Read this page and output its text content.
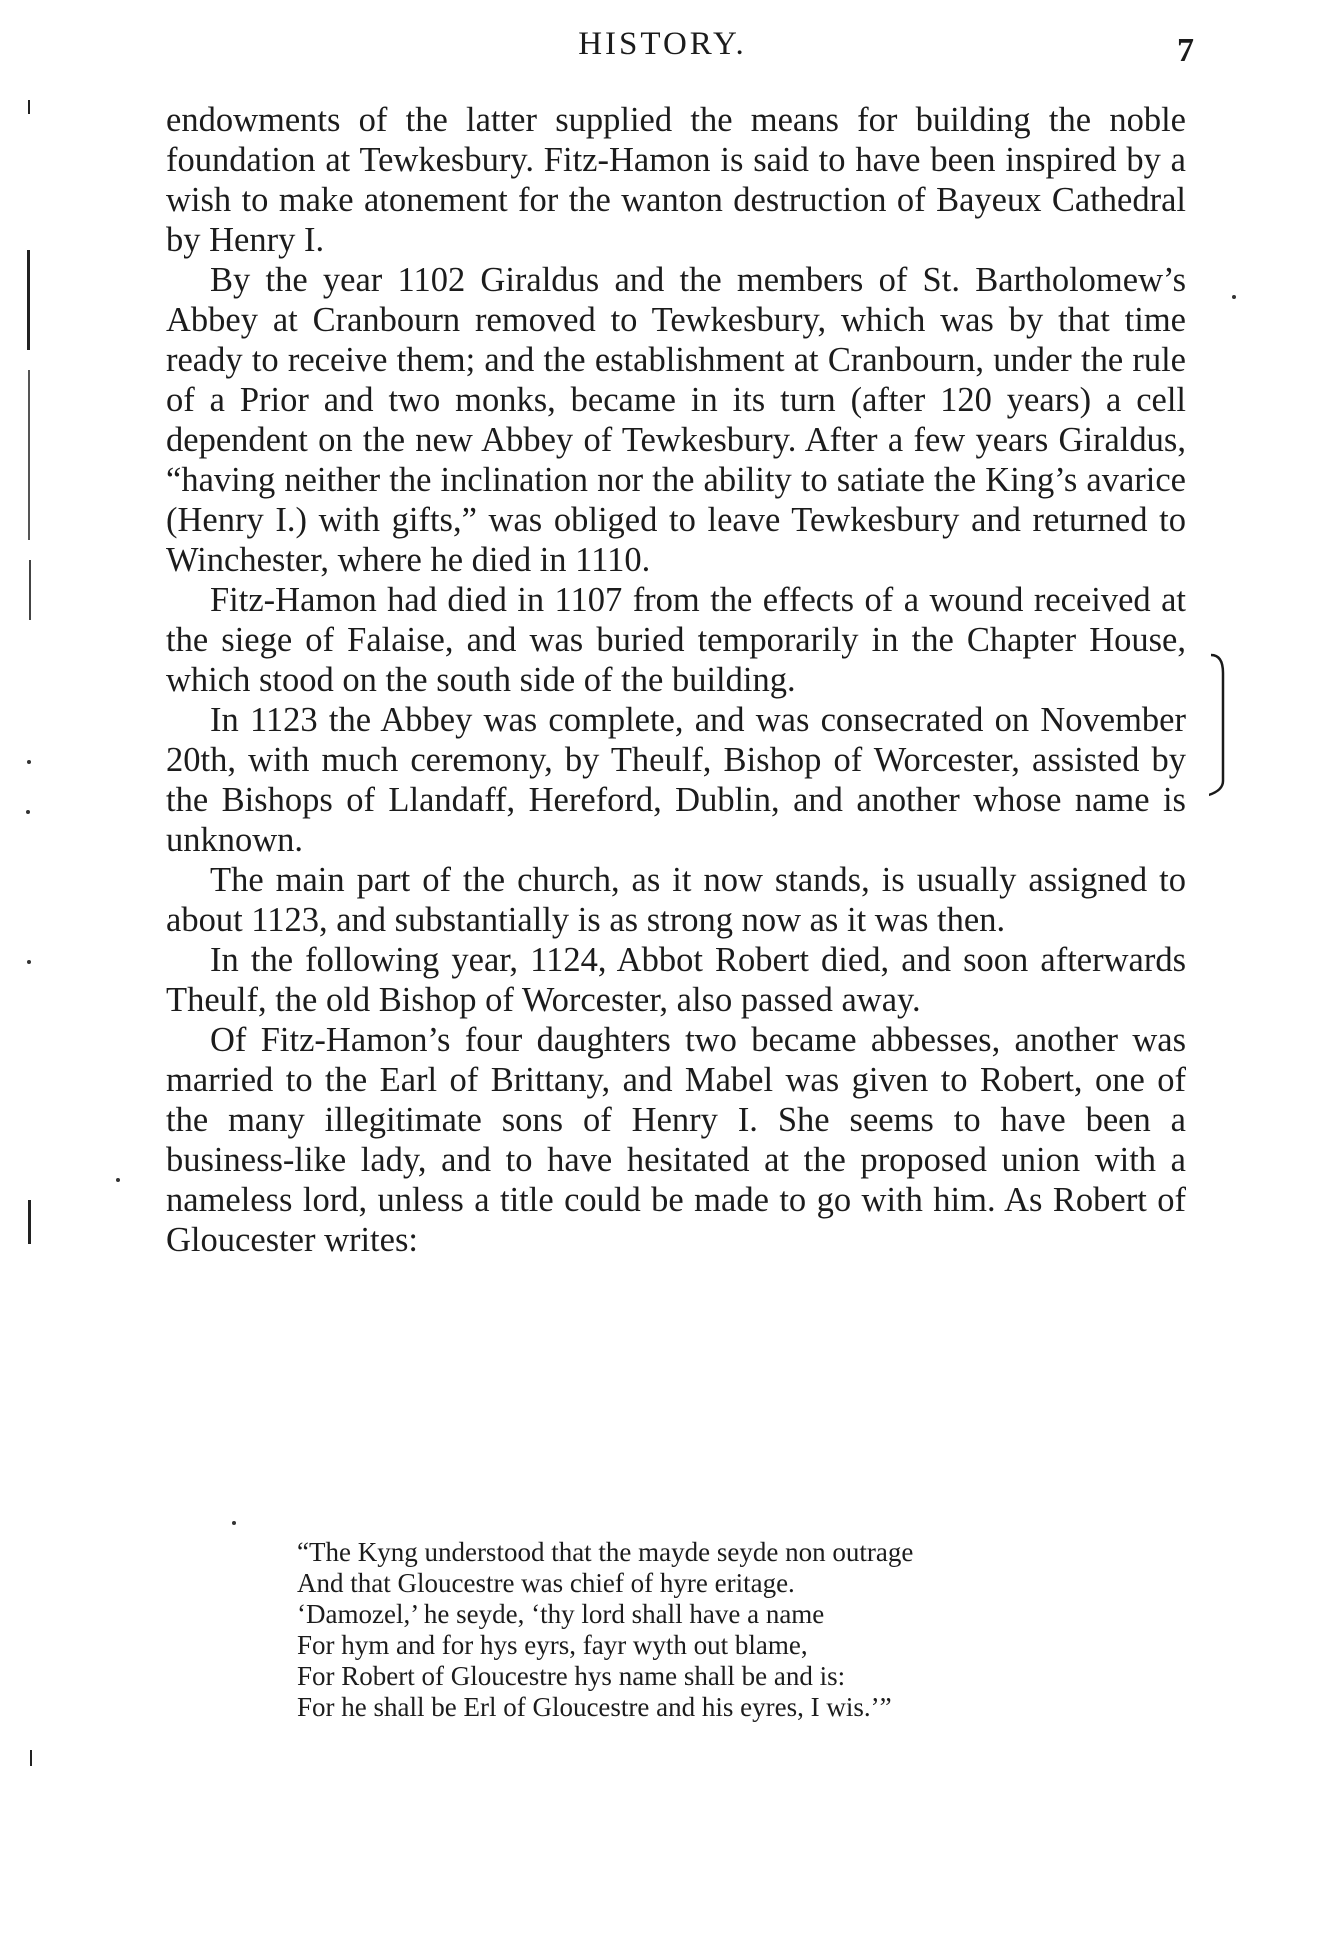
HISTORY.	7

endowments of the latter supplied the means for building the noble foundation at Tewkesbury. Fitz-Hamon is said to have been inspired by a wish to make atonement for the wanton destruction of Bayeux Cathedral by Henry I.

By the year 1102 Giraldus and the members of St. Bartholomew’s Abbey at Cranbourn removed to Tewkesbury, which was by that time ready to receive them; and the establishment at Cranbourn, under the rule of a Prior and two monks, became in its turn (after 120 years) a cell dependent on the new Abbey of Tewkesbury. After a few years Giraldus, “having neither the inclination nor the ability to satiate the King’s avarice (Henry I.) with gifts,” was obliged to leave Tewkesbury and returned to Winchester, where he died in 1110.

Fitz-Hamon had died in 1107 from the effects of a wound received at the siege of Falaise, and was buried temporarily in the Chapter House, which stood on the south side of the building.

In 1123 the Abbey was complete, and was consecrated on November 20th, with much ceremony, by Theulf, Bishop of Worcester, assisted by the Bishops of Llandaff, Hereford, Dublin, and another whose name is unknown.

The main part of the church, as it now stands, is usually assigned to about 1123, and substantially is as strong now as it was then.

In the following year, 1124, Abbot Robert died, and soon afterwards Theulf, the old Bishop of Worcester, also passed away.

Of Fitz-Hamon’s four daughters two became abbesses, another was married to the Earl of Brittany, and Mabel was given to Robert, one of the many illegitimate sons of Henry I. She seems to have been a business-like lady, and to have hesitated at the proposed union with a nameless lord, unless a title could be made to go with him. As Robert of Gloucester writes:

“The Kyng understood that the mayde seyde non outrage
And that Gloucestre was chief of hyre eritage.
‘Damozel,’ he seyde, ‘thy lord shall have a name
For hym and for hys eyrs, fayr wyth out blame,
For Robert of Gloucestre hys name shall be and is:
For he shall be Erl of Gloucestre and his eyres, I wis.’”
